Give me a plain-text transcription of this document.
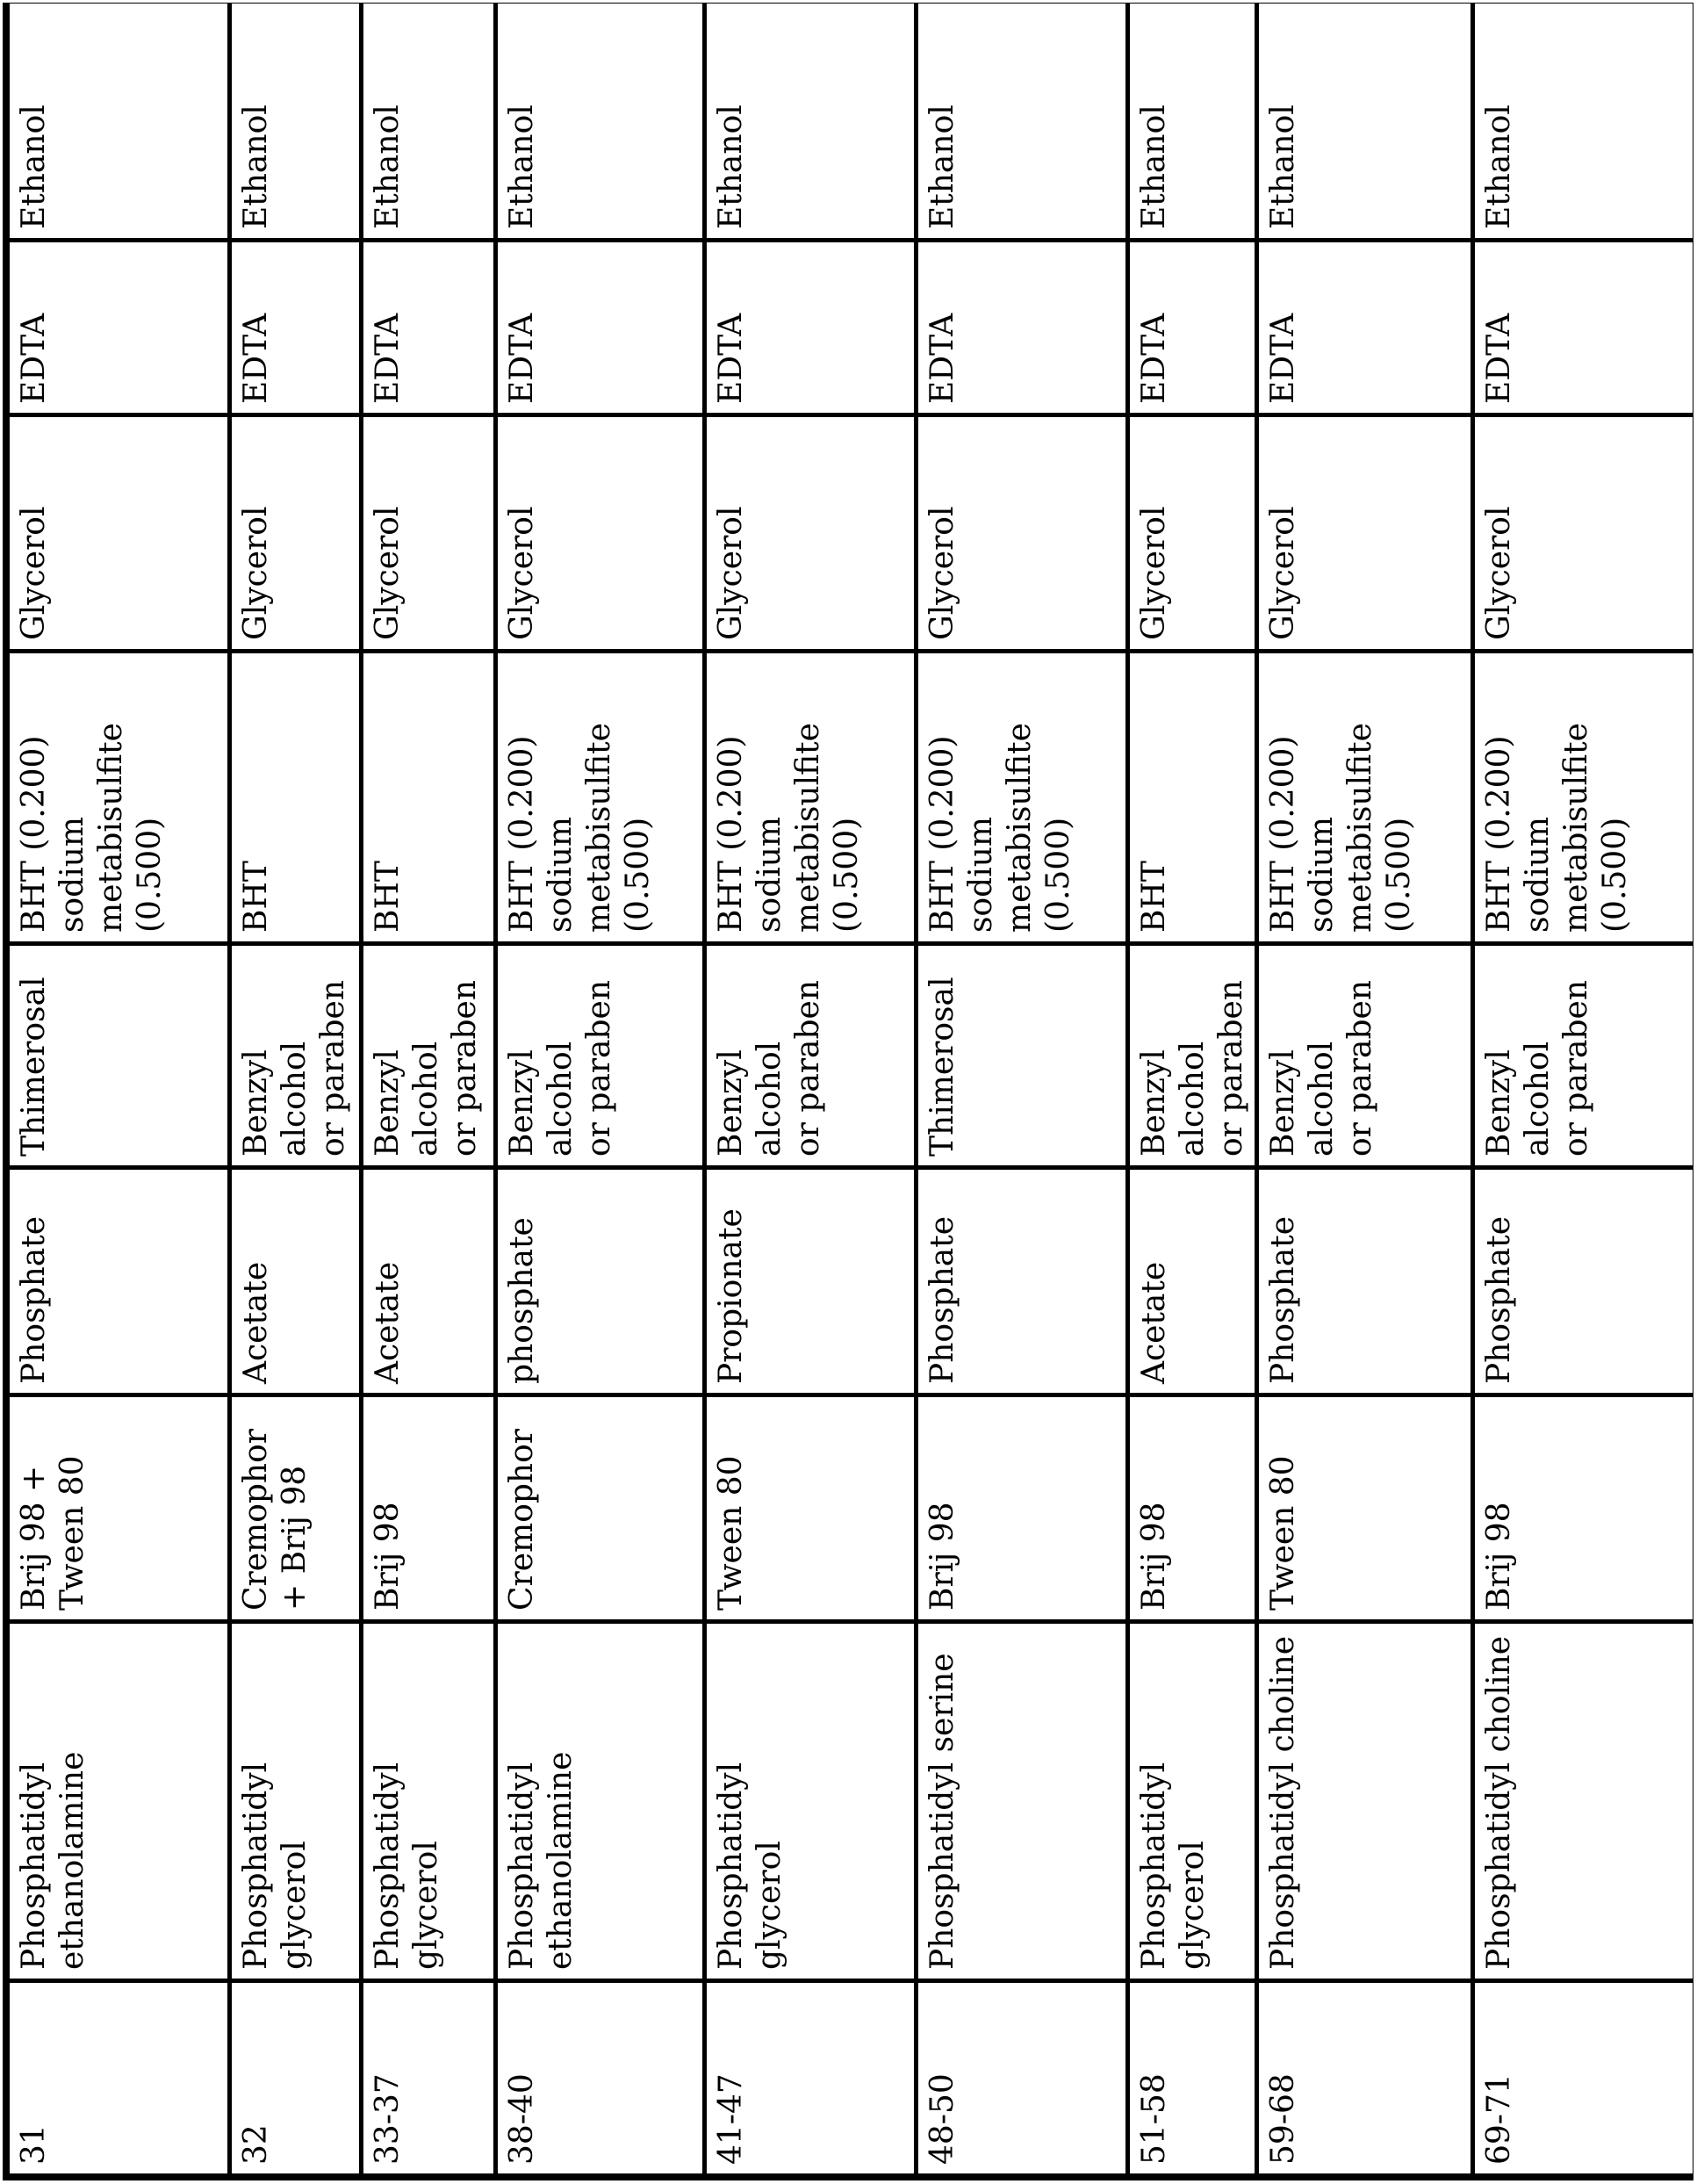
31
Phosphatidyl
ethanolamine
Brij 98 +
Tween 80
Phosphate
Thimerosal
BHT (0.200)
sodium
metabisulfite
(0.500)
Glycerol
EDTA
Ethanol
32
Phosphatidyl
glycerol
Cremophor
+ Brij 98
Acetate
Benzyl alcohol
or paraben
BHT
Glycerol
EDTA
Ethanol
33-37
Phosphatidyl
glycerol
Brij 98
Acetate
Benzyl alcohol
or paraben
BHT
Glycerol
EDTA
Ethanol
38-40
Phosphatidyl
ethanolamine
Cremophor
phosphate
Benzyl alcohol
or paraben
BHT (0.200)
sodium
metabisulfite
(0.500)
Glycerol
EDTA
Ethanol
41-47
Phosphatidyl glycerol
Tween 80
Propionate
Benzyl alcohol
or paraben
BHT (0.200)
sodium
metabisulfite
(0.500)
Glycerol
EDTA
Ethanol
48-50
Phosphatidyl serine
Brij 98
Phosphate
Thimerosal
BHT (0.200)
sodium
metabisulfite
(0.500)
Glycerol
EDTA
Ethanol
51-58
Phosphatidyl glycerol
Brij 98
Acetate
Benzyl alcohol
or paraben
BHT
Glycerol
EDTA
Ethanol
59-68
Phosphatidyl choline
Tween 80
Phosphate
Benzyl alcohol
or paraben
BHT (0.200)
sodium
metabisulfite
(0.500)
Glycerol
EDTA
Ethanol
69-71
Phosphatidyl choline
Brij 98
Phosphate
Benzyl alcohol
or paraben
BHT (0.200)
sodium
metabisulfite
(0.500)
Glycerol
EDTA
Ethanol
